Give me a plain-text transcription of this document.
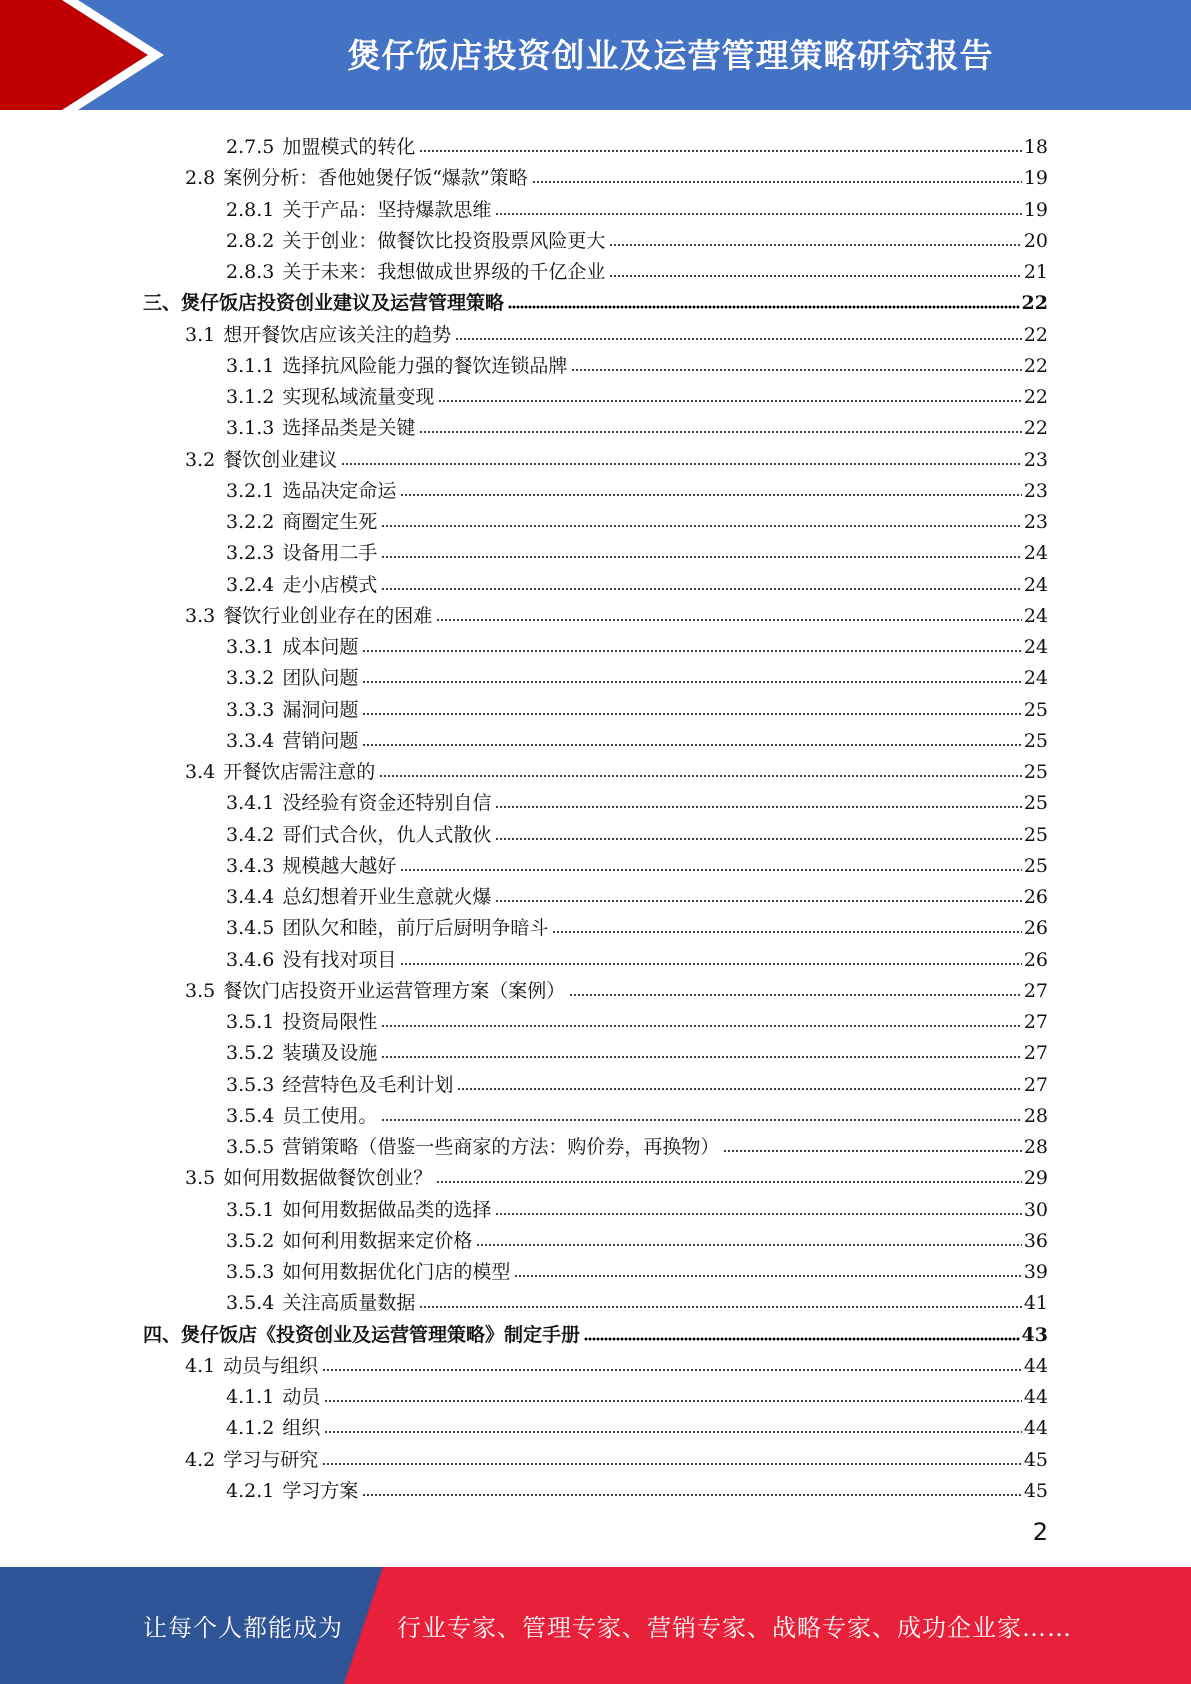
煲仔饭店投资创业及运营管理策略研究报告
2.7.5 加盟模式的转化	18
2.8 案例分析：香他她煲仔饭“爆款”策略	19
2.8.1 关于产品：坚持爆款思维	19
2.8.2 关于创业：做餐饮比投资股票风险更大	20
2.8.3 关于未来：我想做成世界级的千亿企业	21
三、煲仔饭店投资创业建议及运营管理策略	22
3.1 想开餐饮店应该关注的趋势	22
3.1.1 选择抗风险能力强的餐饮连锁品牌	22
3.1.2 实现私域流量变现	22
3.1.3 选择品类是关键	22
3.2 餐饮创业建议	23
3.2.1 选品决定命运	23
3.2.2 商圈定生死	23
3.2.3 设备用二手	24
3.2.4 走小店模式	24
3.3 餐饮行业创业存在的困难	24
3.3.1 成本问题	24
3.3.2 团队问题	24
3.3.3 漏洞问题	25
3.3.4 营销问题	25
3.4 开餐饮店需注意的	25
3.4.1 没经验有资金还特别自信	25
3.4.2 哥们式合伙，仇人式散伙	25
3.4.3 规模越大越好	25
3.4.4 总幻想着开业生意就火爆	26
3.4.5 团队欠和睦，前厅后厨明争暗斗	26
3.4.6 没有找对项目	26
3.5 餐饮门店投资开业运营管理方案（案例）	27
3.5.1 投资局限性	27
3.5.2 装璜及设施	27
3.5.3 经营特色及毛利计划	27
3.5.4 员工使用。	28
3.5.5 营销策略（借鉴一些商家的方法：购价券，再换物）	28
3.5 如何用数据做餐饮创业？	29
3.5.1 如何用数据做品类的选择	30
3.5.2 如何利用数据来定价格	36
3.5.3 如何用数据优化门店的模型	39
3.5.4 关注高质量数据	41
四、煲仔饭店《投资创业及运营管理策略》制定手册	43
4.1 动员与组织	44
4.1.1 动员	44
4.1.2 组织	44
4.2 学习与研究	45
4.2.1 学习方案	45
2
让每个人都能成为 行业专家、管理专家、营销专家、战略专家、成功企业家……
